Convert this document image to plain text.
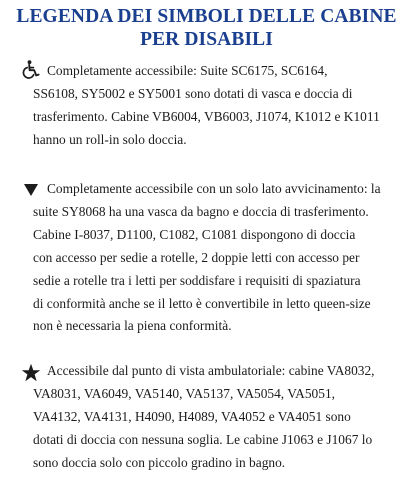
LEGENDA DEI SIMBOLI DELLE CABINE
PER DISABILI

Completamente accessibile: Suite SC6175, SC6164,
SS6108, SY5002 e SY5001 sono dotati di vasca e doccia di
trasferimento. Cabine VB6004, VB6003, J1074, K1012 e K1011
hanno un roll-in solo doccia.

Completamente accessibile con un solo lato avvicinamento: la
suite SY8068 ha una vasca da bagno e doccia di trasferimento.
Cabine I-8037, D1100, C1082, C1081 dispongono di doccia
con accesso per sedie a rotelle, 2 doppie letti con accesso per
sedie a rotelle tra i letti per soddisfare i requisiti di spaziatura
di conformità anche se il letto è convertibile in letto queen-size
non è necessaria la piena conformità.

Accessibile dal punto di vista ambulatoriale: cabine VA8032,
VA8031, VA6049, VA5140, VA5137, VA5054, VA5051,
VA4132, VA4131, H4090, H4089, VA4052 e VA4051 sono
dotati di doccia con nessuna soglia. Le cabine J1063 e J1067 lo
sono doccia solo con piccolo gradino in bagno.
